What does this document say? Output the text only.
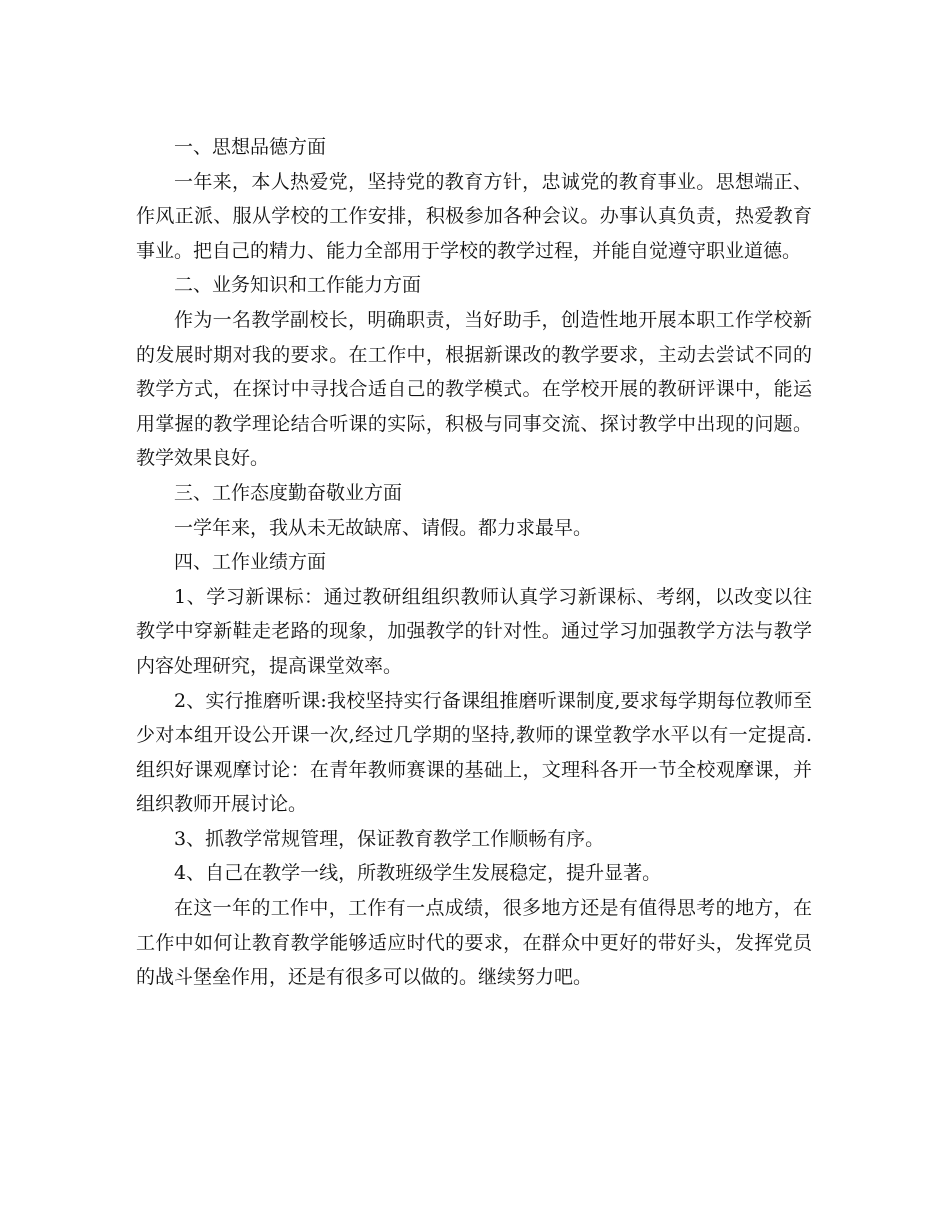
一、思想品德方面

一年来，本人热爱党，坚持党的教育方针，忠诚党的教育事业。思想端正、作风正派、服从学校的工作安排，积极参加各种会议。办事认真负责，热爱教育事业。把自己的精力、能力全部用于学校的教学过程，并能自觉遵守职业道德。

二、业务知识和工作能力方面

作为一名教学副校长，明确职责，当好助手，创造性地开展本职工作学校新的发展时期对我的要求。在工作中，根据新课改的教学要求，主动去尝试不同的教学方式，在探讨中寻找合适自己的教学模式。在学校开展的教研评课中，能运用掌握的教学理论结合听课的实际，积极与同事交流、探讨教学中出现的问题。教学效果良好。

三、工作态度勤奋敬业方面

一学年来，我从未无故缺席、请假。都力求最早。

四、工作业绩方面

1、学习新课标：通过教研组组织教师认真学习新课标、考纲，以改变以往教学中穿新鞋走老路的现象，加强教学的针对性。通过学习加强教学方法与教学内容处理研究，提高课堂效率。

2、实行推磨听课:我校坚持实行备课组推磨听课制度,要求每学期每位教师至少对本组开设公开课一次,经过几学期的坚持,教师的课堂教学水平以有一定提高.组织好课观摩讨论：在青年教师赛课的基础上，文理科各开一节全校观摩课，并组织教师开展讨论。

3、抓教学常规管理，保证教育教学工作顺畅有序。

4、自己在教学一线，所教班级学生发展稳定，提升显著。

在这一年的工作中，工作有一点成绩，很多地方还是有值得思考的地方，在工作中如何让教育教学能够适应时代的要求，在群众中更好的带好头，发挥党员的战斗堡垒作用，还是有很多可以做的。继续努力吧。
